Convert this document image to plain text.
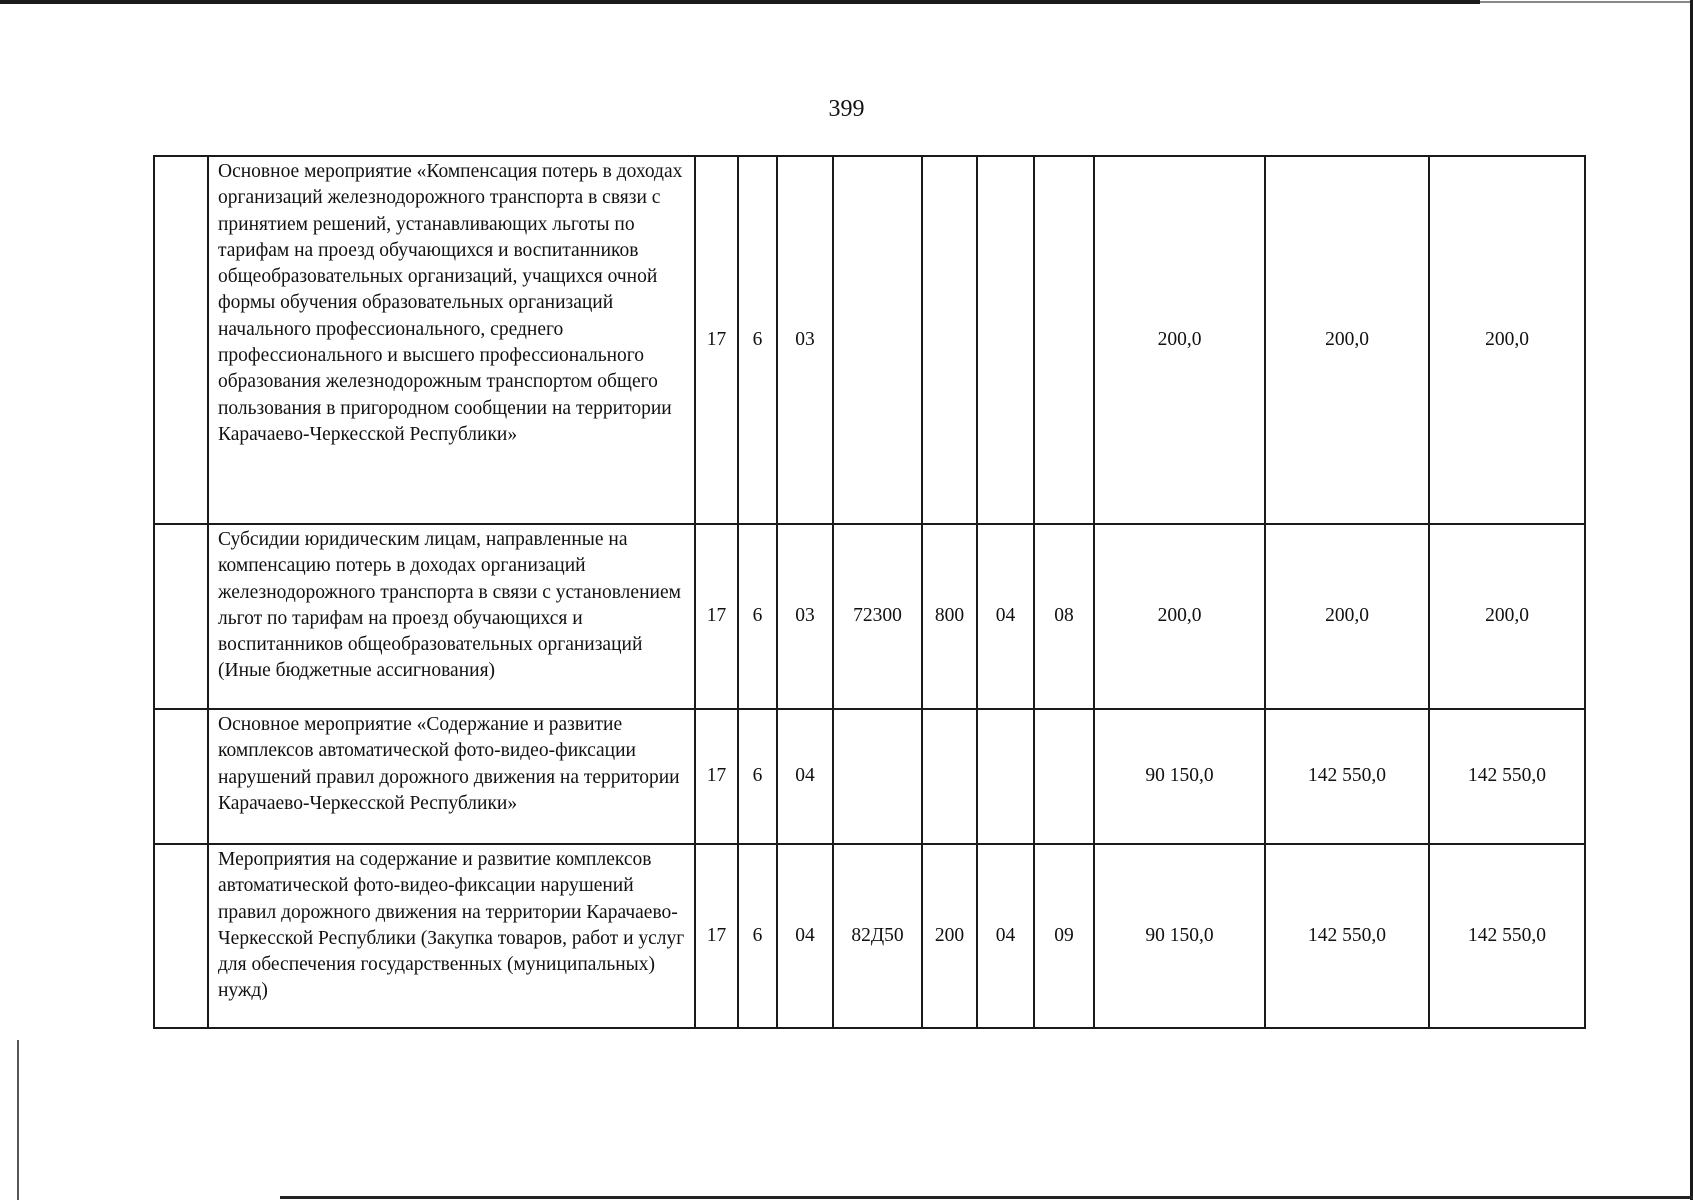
399
	Основное мероприятие «Компенсация потерь в доходах организаций железнодорожного транспорта в связи с принятием решений, устанавливающих льготы по тарифам на проезд обучающихся и воспитанников общеобразовательных организаций, учащихся очной формы обучения образовательных организаций начального профессионального, среднего профессионального и высшего профессионального образования железнодорожным транспортом общего пользования в пригородном сообщении на территории Карачаево-Черкесской Республики»	17	6	03					200,0	200,0	200,0
	Субсидии юридическим лицам, направленные на компенсацию потерь в доходах организаций железнодорожного транспорта в связи с установлением льгот по тарифам на проезд обучающихся и воспитанников общеобразовательных организаций (Иные бюджетные ассигнования)	17	6	03	72300	800	04	08	200,0	200,0	200,0
	Основное мероприятие «Содержание и развитие комплексов автоматической фото-видео-фиксации нарушений правил дорожного движения на территории Карачаево-Черкесской Республики»	17	6	04					90 150,0	142 550,0	142 550,0
	Мероприятия на содержание и развитие комплексов автоматической фото-видео-фиксации нарушений правил дорожного движения на территории Карачаево-Черкесской Республики (Закупка товаров, работ и услуг для обеспечения государственных (муниципальных) нужд)	17	6	04	82Д50	200	04	09	90 150,0	142 550,0	142 550,0
